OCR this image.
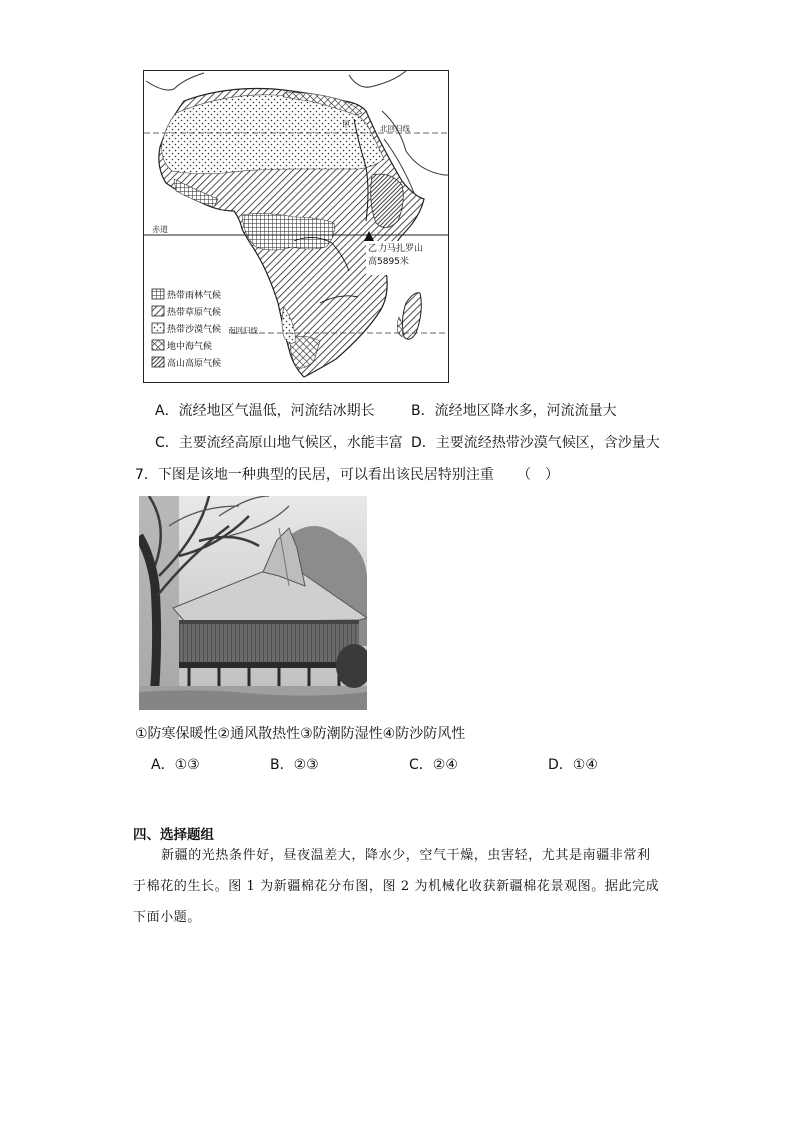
北回归线
甲
赤道
乙 力马扎罗山
高5895米
南回归线
热带雨林气候
热带草原气候
热带沙漠气候
地中海气候
高山高原气候
A．流经地区气温低，河流结冰期长	B．流经地区降水多，河流流量大
C．主要流经高原山地气候区，水能丰富 D．主要流经热带沙漠气候区，含沙量大
7．下图是该地一种典型的民居，可以看出该民居特别注重 （　）
①防寒保暖性②通风散热性③防潮防湿性④防沙防风性
A．①③	B．②③	C．②④	D．①④
四、选择题组
新疆的光热条件好，昼夜温差大，降水少，空气干燥，虫害轻，尤其是南疆非常利
于棉花的生长。图 1 为新疆棉花分布图，图 2 为机械化收获新疆棉花景观图。据此完成
下面小题。
